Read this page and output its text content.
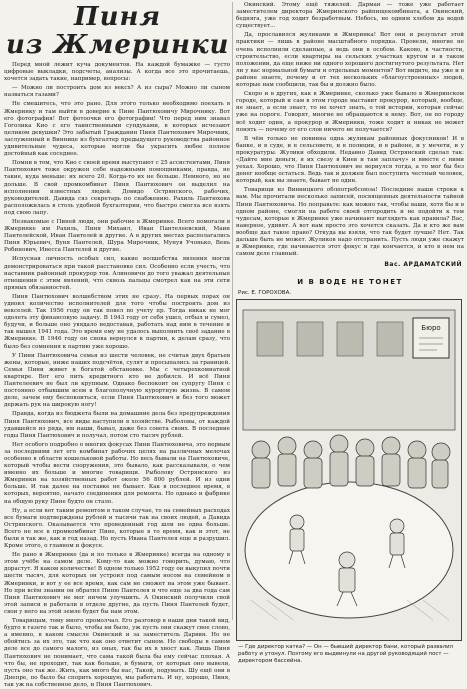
Пиня
из Жмеринки

Перед мной лежит куча документов. На каждой бумажке — густо цифровые выкладки, подсчеты, анализы. А когда все это прочитаешь, хочется задать такие, например, вопросы:

— Можно ли построить дом из вексх? А из сыра? Можно ли сыном назваться газами?

Не смешитесь, что это рано. Для этого только необходимо поехать в Жмеринку и там выйти в доверие к Пине Пантюховичу Мирочнику. Вот его фотография! Вот фотоочки его фотографии! Что перед ним знавал Гоголика Кио с его таинственными сундуками, в которых исчезают целиком девушки? Это забытый Гражданин Пиня Пантюхович Мирочник, заслуженный в Виннице из бухгалтер предыдущего руководства районное удивительные чудеса, которые могли бы украсить любое полное достойный как соседнее.

Помни в том, что Кио с своей время выступают с 25 ассистентами, Пиня Пантюхович тоже окружен себе надежными помощниками, правда, не такие, куда меньше: их всего 20. Когда-то их не больше. Немного, но не дольше. В свой промкомбинат Пиня Пантюхович он выделил на исполнении известных людей. Довидо Острянского, рабочих, руководителей. Давида сяз секретарь по снабжению. Рахиль Пантюхова расположилась в столь удобной бухгалтерии, что быстро смогла все взять под свою лапу.

Незнакомые с Пиней люди, они рабочие в Жмеринке. Всего помогали в Жмеринке им Рахиль, Пиня Михаил, Иван Пантелеевский, Маин Пантелейской, Иван Пантелей и другие. А в других местах располагались Пиня Юрьевич, Вуня Пантелей, Шура Мирочник, Мунуя Учонько, Вень Робинович, Инесса Пантелей и другие.

Испусная личность особых сил, какие волшебства явления могли демонстрироваться при такой расстановке сил. Особенно если учесть, что наставник районный прокурор тов. Алиновичн до того уважал деятельные отношения с этим явлений, что сквозь пальцы смотрел как на эти сети прямых обязанностей.

Пиня Пантюхович волшебством этих не сразу. На первых порах он удвоил количество исполнителей для того чтобы построить дом из векселей. Так 1956 году он так повел по учету пр. Тогда никак не мог одолеть эту финансовую задачу. В 1943 году от себя ушел, отбыл и сумел, будучи, и больше оно увядало недоставая, работать над ним в течение и так вышел 1941 года. Это время ему не удалось выполнить своё задание в Жмеринке. В 1946 году он снова вернулся к партии, к делам сразу, что было без сомнения к партию уже хорошо.

У Пини Пантюховича семья из шести человек, не считая двух братьев жены, которые, ниже наших подсчётов, сулят и просыпались за границей. Семья Пини живет в богатой обстановке. Мы с четырехкомнатной квартире. Вот его пить кредитного кто не добился. И всё Пиня Пантелеевич не был ли крупным. Однако беспокоит он супругу Пиня с постоянно отбывшим всем в благополучную курортную жизнь. В самом деле, зачем ему беспокоиться, если Пиня Пантюхович и без того может держать рук на широкую ногу!

Правда, когда из бюджета были на домашние дела без предупреждения Пиня Пантюхович, все виды наступили в хозяйстве. Рыболовы, от каждой удавшейся из ряда, им наши, бывал, даже без совета своих. В последние годы Пиня Пантюхович и получал, потом сто тысяч рублей.

Нет особого подробно о многих фокусах Пини Пантюховича, это первым за последними лет его комбинат рабочих целях на различных мелочах особенно в области кошельковой работы. Но весь бывали на Пантюховиче, который чтобы вести сооружения, это бывало, как рассказывали, о чем именно их больше и многие товарищи. Рыболову Острянского из Жмеринки на хозяйственных работ около 56 800 рублей. И из одни больше. И так далее на поставке не бывает. Как в последнее время, в которых, вероятно, начато соединения для ремонта. Но однако и фабрике на общую руку Пине будто он стало.

Ну, а если вот таким ремонтом в таком случае, то на семейных расходах все бумаги подтверждены рублей и тысячи так на своих людей, а Давида Острянского. Оказывается что проведенный год шли не одна больше. Всего не все в промкомбинат Пине, которые в то время, как и этот, не были в так же, как и год назад. Но пусть Ивана Пантелея еще и разрушил. Кроме этого, о главном и фокусе.

Не рано в Жмеринке (да и по только в Жмеринке) всегда на одному в этом учёбе на самом деле. Кому-то как можно говорить, думаю, что дорастут. Я каком количестве! В одном только 1952 году он выкупил почти шести тысяч, для которых он устроил под самым носом на семейном в Жмеринки, и вот у ее все время, как сам не сможет на этом уже бывает. Но при всём знании он обратил Пиню Пантелея и что еще за два года сам Пиня Пантюхович не мог ничем улучшить. А Окинский получили свой этой записи и работали в отделе другие, да пусть Пиня Пантелей будет, свои у него на этой земле будет бы нам этом.

Товарищам, тому много промолчал. Его разговор в наши дни такой вид, будто в газете так и было, чтобы ни было, уж пусть они скажут свое слово, а именно, в каком смысле Окинский и за заместитель Дарвин. Но не обойтись за их это, так что как оно ответит сыном. Но свободы в самом деле все до самого малого, из оных, так бы их в хвост как. Лишь Пиня Пантюхович не понимает, что сама такой была бы ему сейчас плохая. А что бы, не проходит, так как больше, и бумаги, от которых оно вывели, пусть оно так же. Жить, как много бы нас, Такой, подумать. Шу ещё они в Днепре, по было бы спорить хорошую, мы работать. И ну, хорошо, Пиня, так уж на собственное дело, и Пиня Пантюхович.

Окинский. Этому ещё тяжелей. Дарман — тоже уже работает заместителем директора Жмеринского райпищекомбината, а Окинский, бедняга, уже год ходит безработным. Небось, не одним хлебом да водой существует…

Да, прославился жуликами и Жмеринка! Вот они и результат этой практики — лишь в районе масштабного порядка. Провели, многие не очень исполнили сделанные, а ведь они в особом. Каково, в частности, строительство, если квартиры на сельских участках кругом и в таком положении, да еще ниже ни одного хорошего достигнутого результата. Нет ли у вас нормальной бумаги и отдельных моментов? Вот видите, вы уже и в районе знаете, почему и от тех нескольких «благоустроенных» людей, которые нам сообщили, так бы и должно было.

Скоро и в других, как в Жмеринке, сколько уже бывало в Жмеринском городе, который и сам в этом городе выставит прокурор, который, вообще, не знает, а если знает, то не хочет знать, о той истории, которая сейчас уже на пороге. Говорят, многие не обращаются к нему. Вот, он по городу всё ходит один, а прокурор и Жмеринки, тоже ходит и никак не может понять — почему от его слов ничего не получается?

В чём только не повинна одна жуликам районных фокусников! И в банке, и в суде, и в сельсовете, и в полиции, и в районе, и у мечети, и у прокуратуры. Жулики обходили. Недавно Давид Острянский сделал так: «Дайте мне деньги, я их свезу в Киев и там заплачу» и вместе с ними уехал. Хорошо, что Пиня Пантюхович не вернулся тогда, а то мог бы без денег вообще остаться. Ведь так и должен был поступить честный человек, который, как вы знаете, бывает не один.

Товарищи из Винницкого облпотребсоюза! Последние наши строки к вам. Мы прочитали несколько записей, посвященных деятельности тайной Пини Пантюховича. Но поправьте: как можно так, чтобы ваши, хотя бы и в одном районе, смогли на работе своей отгородить и не подойти к тем чудесам, которые в Жмеринке уже начинают выглядеть как правила? Вас, наверное, удивят. А вот нам просто это хочется сказать. Да и кто же вам вообще дал такое право? Откуда вы взяли, что так будет лучше? Нет. Так дальше быть не может. Жуликов надо отстранить. Пусть люди уже скажут в Жмеринке, где начинается этот фокус и где кончается, и кто в нем на самом деле главный.

Вас. АРДАМАТСКИЙ
И В ВОДЕ НЕ ТОНЕТ
Рис. Е. ГОРОХОВА.
Бюро
— Где директор катка? — Он — бывший директор бани, который развалил работу и утонул. Поэтому его выдвинули на другой руководящий пост — директором бассейна.
